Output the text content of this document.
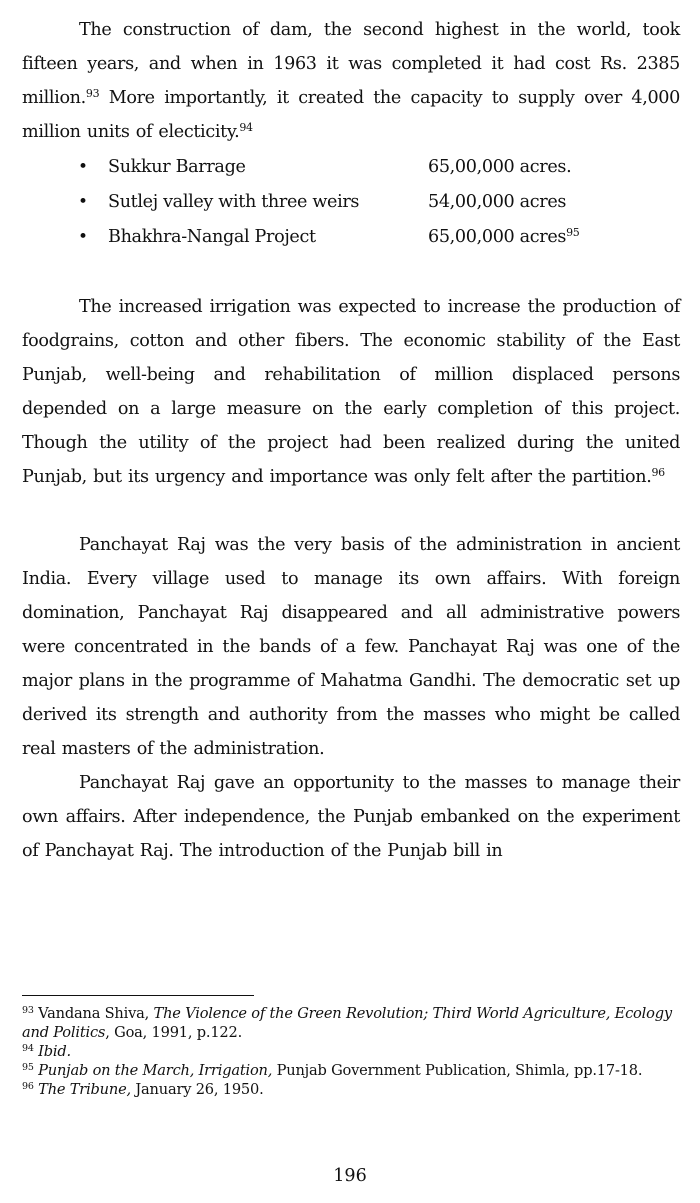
The construction of dam, the second highest in the world, took fifteen years, and when in 1963 it was completed it had cost Rs. 2385 million.$^{93}$ More importantly, it created the capacity to supply over 4,000 million units of electicity.$^{94}$

• Sukkur Barrage	65,00,000 acres.
• Sutlej valley with three weirs	54,00,000 acres
• Bhakhra-Nangal Project	65,00,000 acres$^{95}$

The increased irrigation was expected to increase the production of foodgrains, cotton and other fibers. The economic stability of the East Punjab, well-being and rehabilitation of million displaced persons depended on a large measure on the early completion of this project. Though the utility of the project had been realized during the united Punjab, but its urgency and importance was only felt after the partition.$^{96}$

Panchayat Raj was the very basis of the administration in ancient India. Every village used to manage its own affairs. With foreign domination, Panchayat Raj disappeared and all administrative powers were concentrated in the bands of a few. Panchayat Raj was one of the major plans in the programme of Mahatma Gandhi. The democratic set up derived its strength and authority from the masses who might be called real masters of the administration.

Panchayat Raj gave an opportunity to the masses to manage their own affairs. After independence, the Punjab embanked on the experiment of Panchayat Raj. The introduction of the Punjab bill in

$^{93}$ Vandana Shiva, The Violence of the Green Revolution; Third World Agriculture, Ecology and Politics, Goa, 1991, p.122.

$^{94}$ Ibid.

$^{95}$ Punjab on the March, Irrigation, Punjab Government Publication, Shimla, pp.17-18.

$^{96}$ The Tribune, January 26, 1950.

196
